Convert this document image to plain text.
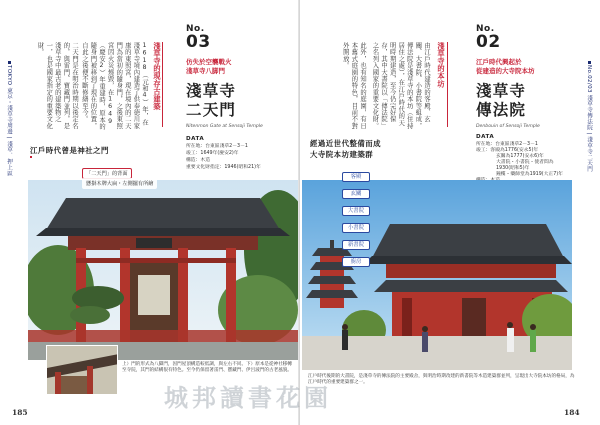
TOKYO 東京・淺草寺周邊 | 淺草．押上區	二天門是在明治時期以後定名的，與雷門、寶藏門並列，是淺草寺中最古老的建築物之一，也是國家指定的重要文化財。	1618（元和4）年，在淺草寺境內建造了供奉德川家康的東照宮，現在境內的二天門為當初的隨身門，之後東照宮因火災燒毀，在1649（慶安2）年重建時，原本的隨身門被移到了現在的位置，自此之後便不斷修繕至今。	淺草寺的現存古建築
No.
03
仿失於空襲戰火
淺草寺八脚門
淺草寺
二天門
Nitenmon Gate at Sensoji Temple
DATA
所在地：台東區淺草2－3－1
竣工：1649年(慶安2)年
構造：木造
重要文化財指定：1946(昭和21)年
江戶時代曾是神社之門
「二天門」的背面
懸掛木牌大扁・左側擺有所繪
上）門的形式為八脚門，因門屋頂構造較低調，與左右不同。下）原本是從神社移轉至寺院，其門的結構很有特色。至今仍保留著雷門、寶藏門、伊呂波門的古老風貌。
185
此外，也有知名的庭園，有日本舊式庭園的特色，目前不對外開放。	由江戶時代建造的客殿、玄關、大書院、小書院等組成，傳法院是淺草寺的本坊（住持居住之處），在江戶時代的天明時期建造，至今仍完好保存，其中大書院以「傳法院」之名列入國家的重要文化財。	淺草寺的本坊
No.
02
江戶時代興起於
從建造的大寺院本坊
淺草寺
傳法院
Denbouin of Sensoji Temple
DATA
所在地：台東區淺草2－3－1
竣工：客殿為1776(安永5)年
玄關為1777(安永6)年
大書院・小書院・使者間為
1930(昭和5)年
鐘樓・藥師堂為1919(大正7)年
No.02/03 淺草寺傳法院 | 淺草寺二天門
經過近世代整備而成
大寺院本坊建築群
客殿
玄關
大書院
小書院
新書院
廚房
江戶時代後期的大書院，是淺草寺的傳法院的主要殿舍，與明治時期改建的新書院等木造建築群並列，呈現出大寺院本坊的格局，為江戶時代的重要建築群之一。
184
城邦讀書花園
